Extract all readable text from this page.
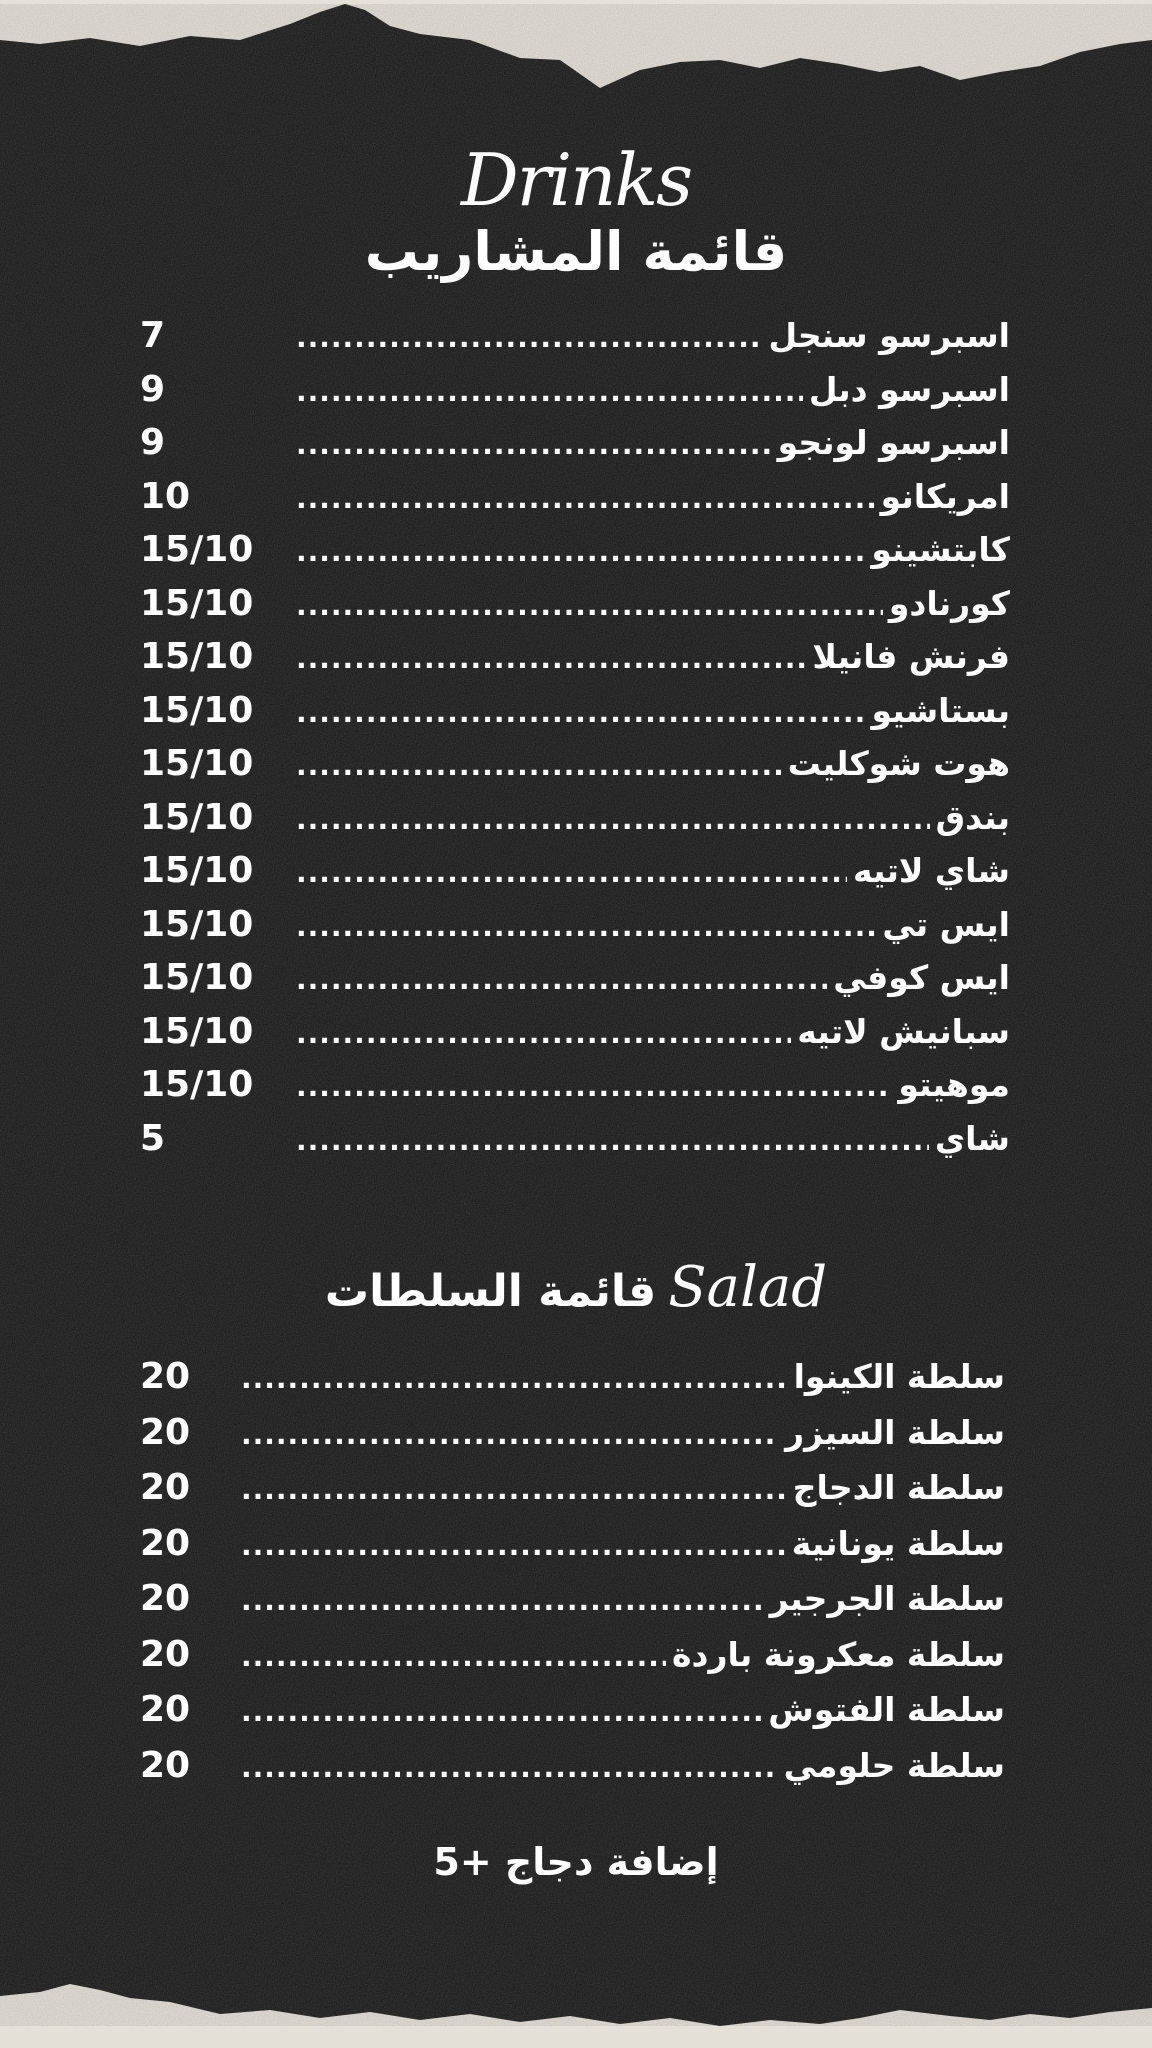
Drinks
قائمة المشاريب
اسبرسو سنجل
.....
7
اسبرسو دبل
.....
9
اسبرسو لونجو
.....
9
امريكانو
.....
10
كابتشينو
.....
15/10
كورنادو
.....
15/10
فرنش فانيلا
.....
15/10
بستاشيو
.....
15/10
هوت شوكليت
.....
15/10
بندق
.....
15/10
شاي لاتيه
.....
15/10
ايس تي
.....
15/10
ايس كوفي
.....
15/10
سبانيش لاتيه
.....
15/10
موهيتو
.....
15/10
شاي
.....
5
قائمة السلطات Salad
سلطة الكينوا
.....
20
سلطة السيزر
.....
20
سلطة الدجاج
.....
20
سلطة يونانية
.....
20
سلطة الجرجير
.....
20
سلطة معكرونة باردة
.....
20
سلطة الفتوش
.....
20
سلطة حلومي
.....
20
إضافة دجاج +5
